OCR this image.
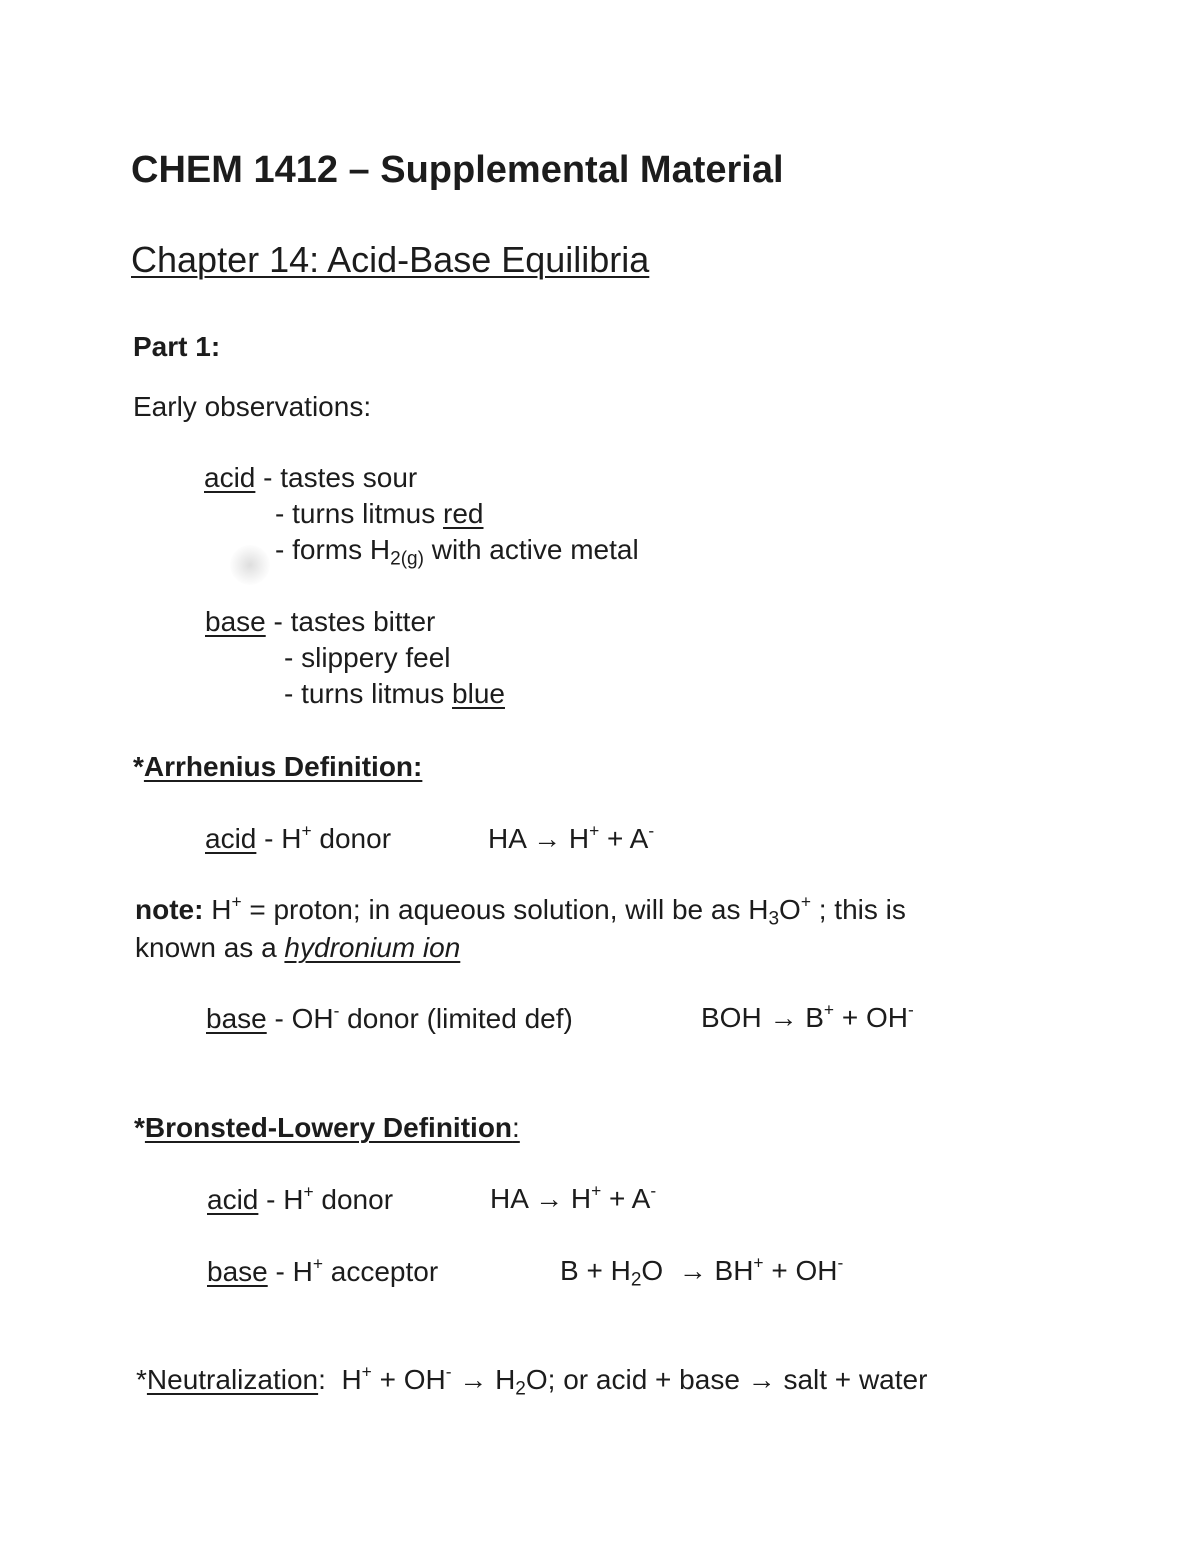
CHEM 1412 – Supplemental Material
Chapter 14: Acid-Base Equilibria
Part 1:
Early observations:
acid - tastes sour
- turns litmus red
- forms $H_{2(g)}$ with active metal
base - tastes bitter
- slippery feel
- turns litmus blue
*Arrhenius Definition:
acid - H+ donor	HA → H+ + A-
note: H+ = proton; in aqueous solution, will be as $H_3O^+$ ; this is
known as a hydronium ion
base - OH- donor (limited def)	BOH → B+ + OH-
*Bronsted-Lowery Definition:
acid - H+ donor	HA → H+ + A-
base - H+ acceptor	$B + H_2O \to BH^+ + OH^-$
*Neutralization:  $H^+ + OH^- \to H_2O$; or acid + base → salt + water
